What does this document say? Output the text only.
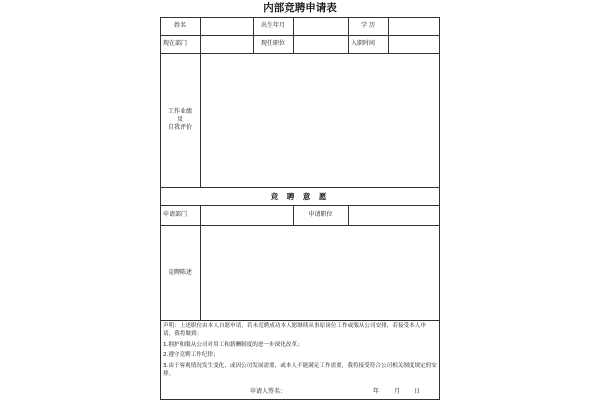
内部竞聘申请表
姓名	出生年月	学 历
现在部门	现任职位	入职时间
工作业绩
及
自我评价
竞 聘 意 愿
申请部门	申请职位
竞聘陈述
声明：上述职位由本人自愿申请，若未竞聘成功本人愿继续从事原岗位工作或服从公司安排，若接受本人申请，我将做到：
1.拥护和服从公司对用工和薪酬制度的进一步深化改革；
2.遵守竞聘工作纪律；
3.由于客观情况发生变化，或因公司发展需要，或本人不能满足工作需要，我将接受符合公司相关制度规定的安排。
申请人签名：	年 月 日
